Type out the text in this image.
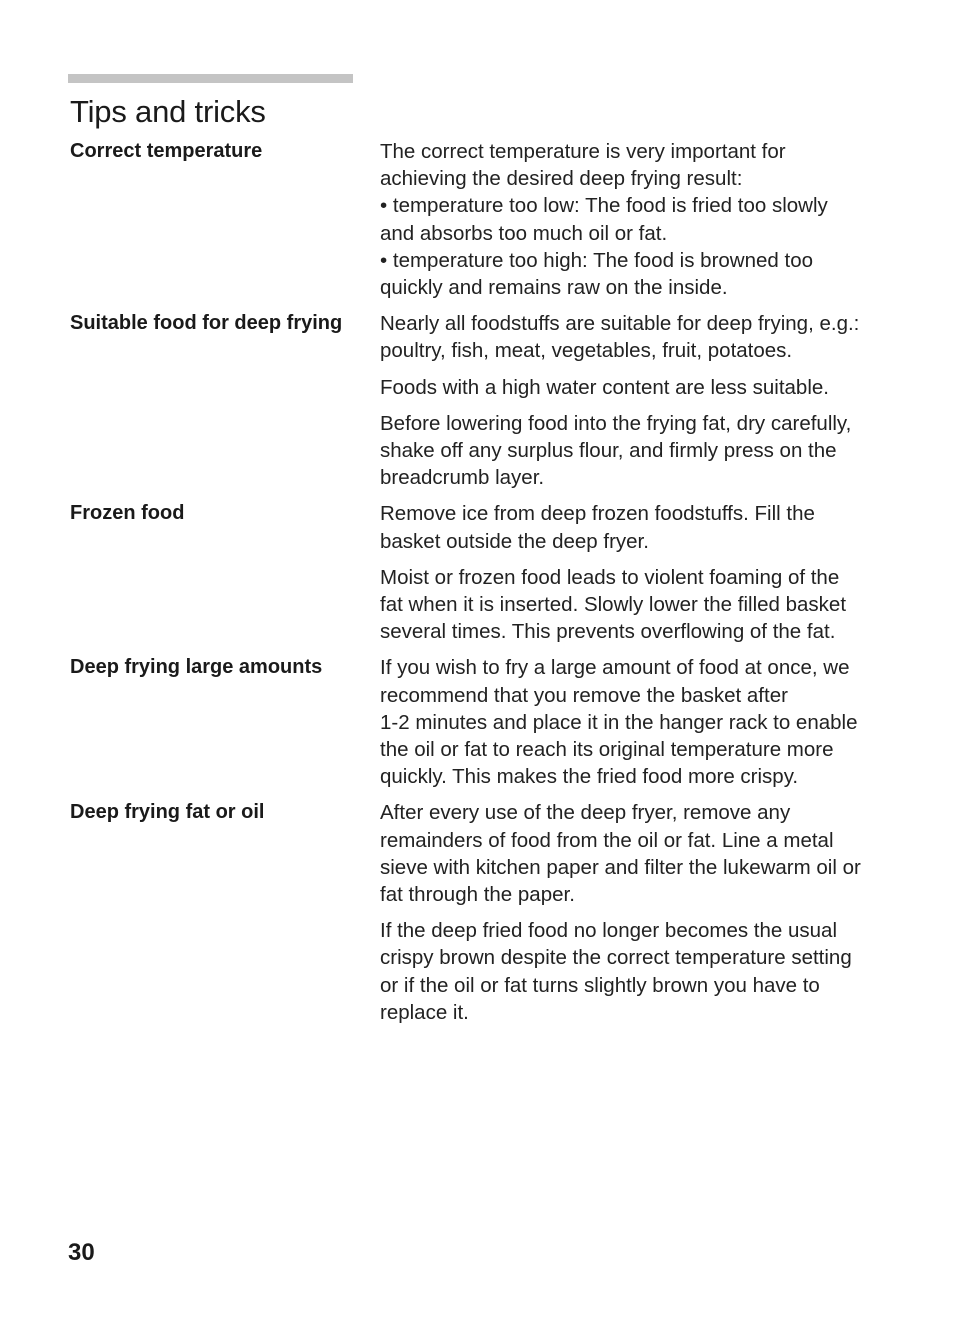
Tips and tricks
Correct temperature	The correct temperature is very important for
achieving the desired deep frying result:
• temperature too low: The food is fried too slowly
and absorbs too much oil or fat.
• temperature too high: The food is browned too
quickly and remains raw on the inside.

Suitable food for deep frying	Nearly all foodstuffs are suitable for deep frying, e.g.:
poultry, fish, meat, vegetables, fruit, potatoes.

Foods with a high water content are less suitable.

Before lowering food into the frying fat, dry carefully,
shake off any surplus flour, and firmly press on the
breadcrumb layer.

Frozen food	Remove ice from deep frozen foodstuffs. Fill the
basket outside the deep fryer.

Moist or frozen food leads to violent foaming of the
fat when it is inserted. Slowly lower the filled basket
several times. This prevents overflowing of the fat.

Deep frying large amounts	If you wish to fry a large amount of food at once, we
recommend that you remove the basket after
1-2 minutes and place it in the hanger rack to enable
the oil or fat to reach its original temperature more
quickly. This makes the fried food more crispy.

Deep frying fat or oil	After every use of the deep fryer, remove any
remainders of food from the oil or fat. Line a metal
sieve with kitchen paper and filter the lukewarm oil or
fat through the paper.

If the deep fried food no longer becomes the usual
crispy brown despite the correct temperature setting
or if the oil or fat turns slightly brown you have to
replace it.

30
